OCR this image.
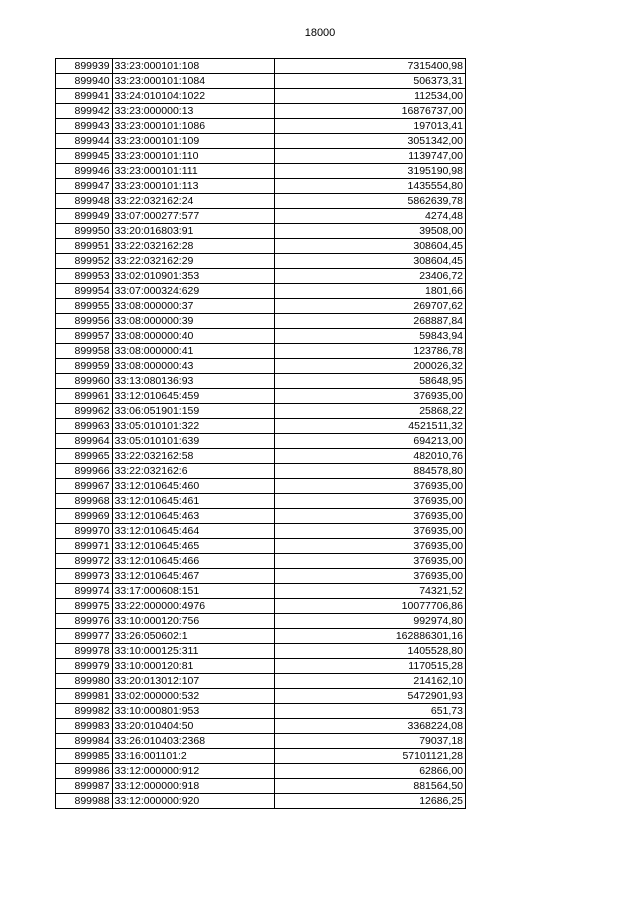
18000
899939	33:23:000101:108	7315400,98
899940	33:23:000101:1084	506373,31
899941	33:24:010104:1022	112534,00
899942	33:23:000000:13	16876737,00
899943	33:23:000101:1086	197013,41
899944	33:23:000101:109	3051342,00
899945	33:23:000101:110	1139747,00
899946	33:23:000101:111	3195190,98
899947	33:23:000101:113	1435554,80
899948	33:22:032162:24	5862639,78
899949	33:07:000277:577	4274,48
899950	33:20:016803:91	39508,00
899951	33:22:032162:28	308604,45
899952	33:22:032162:29	308604,45
899953	33:02:010901:353	23406,72
899954	33:07:000324:629	1801,66
899955	33:08:000000:37	269707,62
899956	33:08:000000:39	268887,84
899957	33:08:000000:40	59843,94
899958	33:08:000000:41	123786,78
899959	33:08:000000:43	200026,32
899960	33:13:080136:93	58648,95
899961	33:12:010645:459	376935,00
899962	33:06:051901:159	25868,22
899963	33:05:010101:322	4521511,32
899964	33:05:010101:639	694213,00
899965	33:22:032162:58	482010,76
899966	33:22:032162:6	884578,80
899967	33:12:010645:460	376935,00
899968	33:12:010645:461	376935,00
899969	33:12:010645:463	376935,00
899970	33:12:010645:464	376935,00
899971	33:12:010645:465	376935,00
899972	33:12:010645:466	376935,00
899973	33:12:010645:467	376935,00
899974	33:17:000608:151	74321,52
899975	33:22:000000:4976	10077706,86
899976	33:10:000120:756	992974,80
899977	33:26:050602:1	162886301,16
899978	33:10:000125:311	1405528,80
899979	33:10:000120:81	1170515,28
899980	33:20:013012:107	214162,10
899981	33:02:000000:532	5472901,93
899982	33:10:000801:953	651,73
899983	33:20:010404:50	3368224,08
899984	33:26:010403:2368	79037,18
899985	33:16:001101:2	57101121,28
899986	33:12:000000:912	62866,00
899987	33:12:000000:918	881564,50
899988	33:12:000000:920	12686,25
